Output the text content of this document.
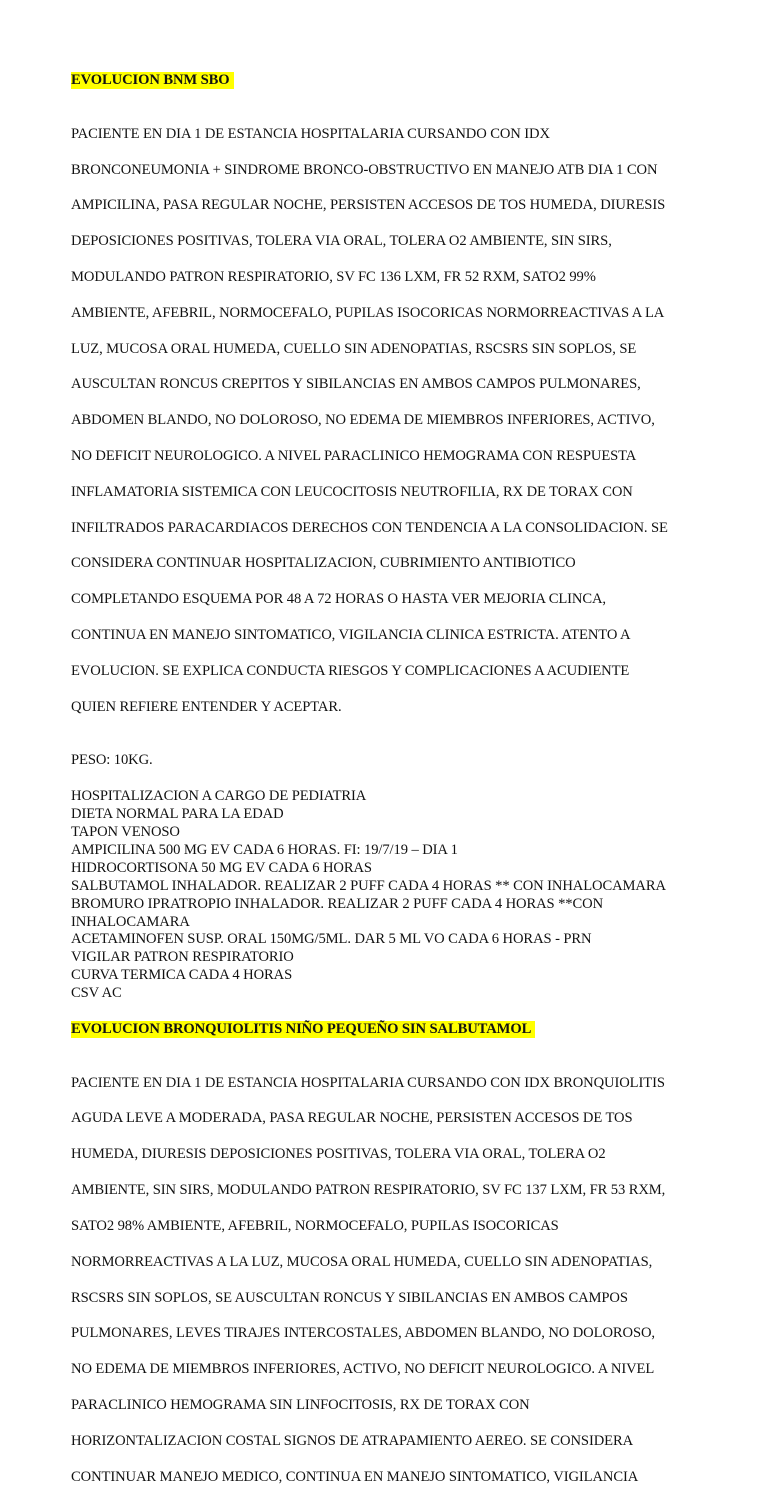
EVOLUCION BNM SBO

PACIENTE EN DIA 1 DE ESTANCIA HOSPITALARIA CURSANDO CON IDX

BRONCONEUMONIA + SINDROME BRONCO-OBSTRUCTIVO EN MANEJO ATB DIA 1 CON

AMPICILINA, PASA REGULAR NOCHE, PERSISTEN ACCESOS DE TOS HUMEDA, DIURESIS

DEPOSICIONES POSITIVAS, TOLERA VIA ORAL, TOLERA O2 AMBIENTE, SIN SIRS,

MODULANDO PATRON RESPIRATORIO, SV FC 136 LXM, FR 52 RXM, SATO2 99%

AMBIENTE, AFEBRIL, NORMOCEFALO, PUPILAS ISOCORICAS NORMORREACTIVAS A LA

LUZ, MUCOSA ORAL HUMEDA, CUELLO SIN ADENOPATIAS, RSCSRS SIN SOPLOS, SE

AUSCULTAN RONCUS CREPITOS Y SIBILANCIAS EN AMBOS CAMPOS PULMONARES,

ABDOMEN BLANDO, NO DOLOROSO, NO EDEMA DE MIEMBROS INFERIORES, ACTIVO,

NO DEFICIT NEUROLOGICO. A NIVEL PARACLINICO HEMOGRAMA CON RESPUESTA

INFLAMATORIA SISTEMICA CON LEUCOCITOSIS NEUTROFILIA, RX DE TORAX CON

INFILTRADOS PARACARDIACOS DERECHOS CON TENDENCIA A LA CONSOLIDACION. SE

CONSIDERA CONTINUAR HOSPITALIZACION, CUBRIMIENTO ANTIBIOTICO

COMPLETANDO ESQUEMA POR 48 A 72 HORAS O HASTA VER MEJORIA CLINCA,

CONTINUA EN MANEJO SINTOMATICO, VIGILANCIA CLINICA ESTRICTA. ATENTO A

EVOLUCION. SE EXPLICA CONDUCTA RIESGOS Y COMPLICACIONES A ACUDIENTE

QUIEN REFIERE ENTENDER Y ACEPTAR.

PESO: 10KG.
HOSPITALIZACION A CARGO DE PEDIATRIA
DIETA NORMAL PARA LA EDAD
TAPON VENOSO
AMPICILINA 500 MG EV CADA 6 HORAS. FI: 19/7/19 – DIA 1
HIDROCORTISONA 50 MG EV CADA 6 HORAS
SALBUTAMOL INHALADOR. REALIZAR 2 PUFF CADA 4 HORAS ** CON INHALOCAMARA
BROMURO IPRATROPIO INHALADOR. REALIZAR 2 PUFF CADA 4 HORAS **CON
INHALOCAMARA
ACETAMINOFEN SUSP. ORAL 150MG/5ML. DAR 5 ML VO CADA 6 HORAS - PRN
VIGILAR PATRON RESPIRATORIO
CURVA TERMICA CADA 4 HORAS
CSV AC
EVOLUCION BRONQUIOLITIS NIÑO PEQUEÑO SIN SALBUTAMOL

PACIENTE EN DIA 1 DE ESTANCIA HOSPITALARIA CURSANDO CON IDX BRONQUIOLITIS

AGUDA LEVE A MODERADA, PASA REGULAR NOCHE, PERSISTEN ACCESOS DE TOS

HUMEDA, DIURESIS DEPOSICIONES POSITIVAS, TOLERA VIA ORAL, TOLERA O2

AMBIENTE, SIN SIRS, MODULANDO PATRON RESPIRATORIO, SV FC 137 LXM, FR 53 RXM,

SATO2 98% AMBIENTE, AFEBRIL, NORMOCEFALO, PUPILAS ISOCORICAS

NORMORREACTIVAS A LA LUZ, MUCOSA ORAL HUMEDA, CUELLO SIN ADENOPATIAS,

RSCSRS SIN SOPLOS, SE AUSCULTAN RONCUS Y SIBILANCIAS EN AMBOS CAMPOS

PULMONARES, LEVES TIRAJES INTERCOSTALES, ABDOMEN BLANDO, NO DOLOROSO,

NO EDEMA DE MIEMBROS INFERIORES, ACTIVO, NO DEFICIT NEUROLOGICO. A NIVEL

PARACLINICO HEMOGRAMA SIN LINFOCITOSIS, RX DE TORAX CON

HORIZONTALIZACION COSTAL SIGNOS DE ATRAPAMIENTO AEREO. SE CONSIDERA

CONTINUAR MANEJO MEDICO, CONTINUA EN MANEJO SINTOMATICO, VIGILANCIA
